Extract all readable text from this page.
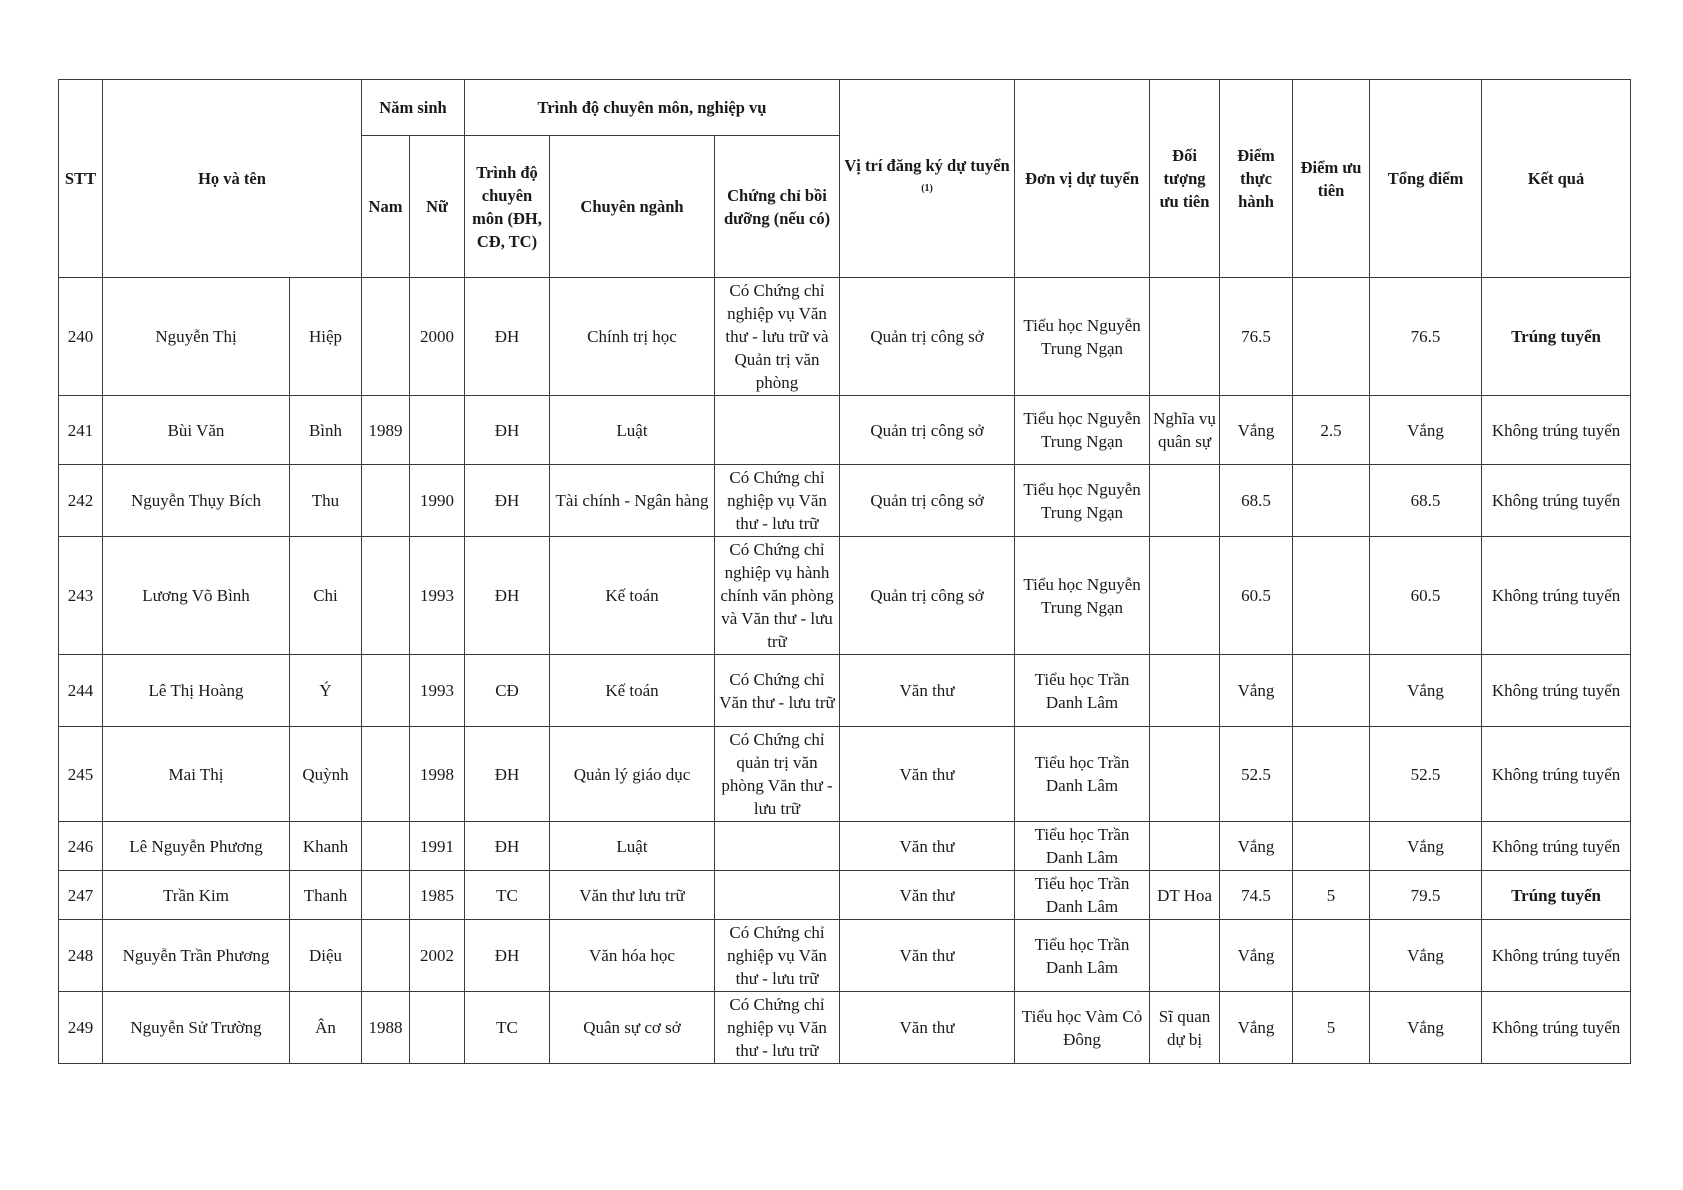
STT	Họ và tên		Năm sinh		Trình độ chuyên môn, nghiệp vụ			Vị trí đăng ký dự tuyển $^{(1)}$	Đơn vị dự tuyển	Đối tượng ưu tiên	Điểm thực hành	Điểm ưu tiên	Tổng điểm	Kết quả
			Nam	Nữ	Trình độ chuyên môn (ĐH, CĐ, TC)	Chuyên ngành	Chứng chỉ bồi dưỡng (nếu có)							
240	Nguyễn Thị	Hiệp		2000	ĐH	Chính trị học	Có Chứng chỉ nghiệp vụ Văn thư - lưu trữ và Quản trị văn phòng	Quản trị công sở	Tiểu học Nguyễn Trung Ngạn		76.5		76.5	Trúng tuyển
241	Bùi Văn	Bình	1989		ĐH	Luật		Quản trị công sở	Tiểu học Nguyễn Trung Ngạn	Nghĩa vụ quân sự	Vắng	2.5	Vắng	Không trúng tuyển
242	Nguyễn Thụy Bích	Thu		1990	ĐH	Tài chính - Ngân hàng	Có Chứng chỉ nghiệp vụ Văn thư - lưu trữ	Quản trị công sở	Tiểu học Nguyễn Trung Ngạn		68.5		68.5	Không trúng tuyển
243	Lương Võ Bình	Chi		1993	ĐH	Kế toán	Có Chứng chỉ nghiệp vụ hành chính văn phòng và Văn thư - lưu trữ	Quản trị công sở	Tiểu học Nguyễn Trung Ngạn		60.5		60.5	Không trúng tuyển
244	Lê Thị Hoàng	Ý		1993	CĐ	Kế toán	Có Chứng chỉ Văn thư - lưu trữ	Văn thư	Tiểu học Trần Danh Lâm		Vắng		Vắng	Không trúng tuyển
245	Mai Thị	Quỳnh		1998	ĐH	Quản lý giáo dục	Có Chứng chỉ quản trị văn phòng Văn thư - lưu trữ	Văn thư	Tiểu học Trần Danh Lâm		52.5		52.5	Không trúng tuyển
246	Lê Nguyễn Phương	Khanh		1991	ĐH	Luật		Văn thư	Tiểu học Trần Danh Lâm		Vắng		Vắng	Không trúng tuyển
247	Trần Kim	Thanh		1985	TC	Văn thư lưu trữ		Văn thư	Tiểu học Trần Danh Lâm	DT Hoa	74.5	5	79.5	Trúng tuyển
248	Nguyễn Trần Phương	Diệu		2002	ĐH	Văn hóa học	Có Chứng chỉ nghiệp vụ Văn thư - lưu trữ	Văn thư	Tiểu học Trần Danh Lâm		Vắng		Vắng	Không trúng tuyển
249	Nguyễn Sử Trường	Ân	1988		TC	Quân sự cơ sở	Có Chứng chỉ nghiệp vụ Văn thư - lưu trữ	Văn thư	Tiểu học Vàm Cỏ Đông	Sĩ quan dự bị	Vắng	5	Vắng	Không trúng tuyển
